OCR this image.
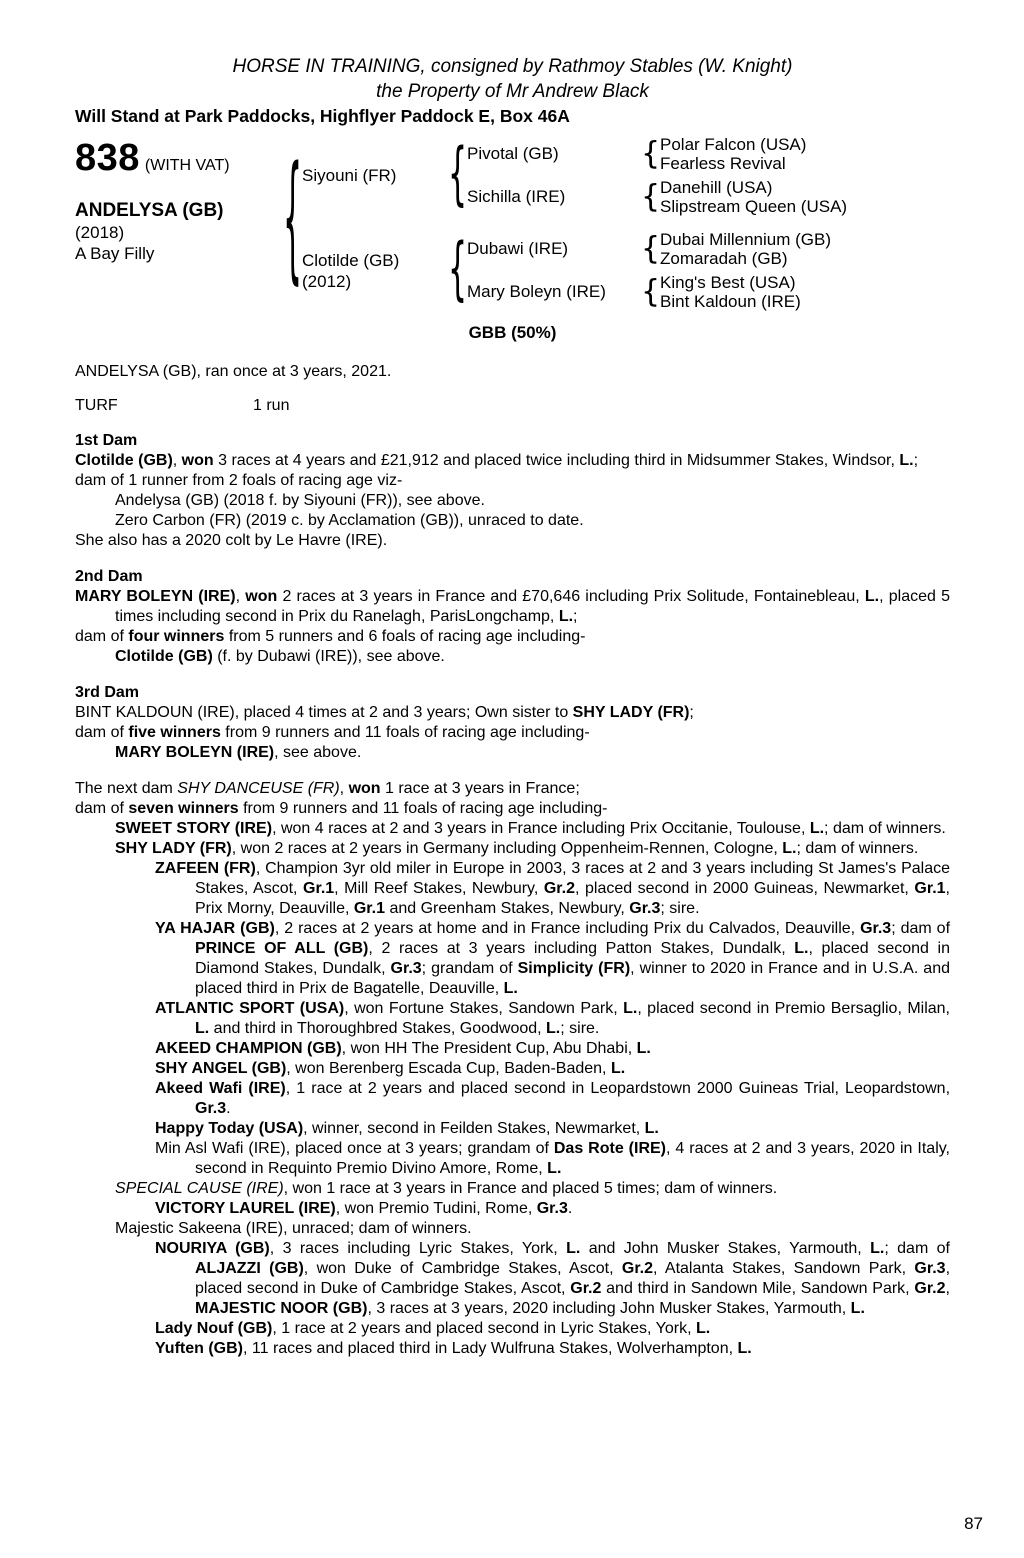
HORSE IN TRAINING, consigned by Rathmoy Stables (W. Knight)
the Property of Mr Andrew Black
Will Stand at Park Paddocks, Highflyer Paddock E, Box 46A
838 (WITH VAT)
ANDELYSA (GB)
(2018)
A Bay Filly	{ Siyouni (FR)	{ Pivotal (GB)	{ Polar Falcon (USA)
Fearless Revival
Sichilla (IRE)	{ Danehill (USA)
Slipstream Queen (USA)
Clotilde (GB)
(2012)	{ Dubawi (IRE)	{ Dubai Millennium (GB)
Zomaradah (GB)
Mary Boleyn (IRE)	{ King's Best (USA)
Bint Kaldoun (IRE)
GBB (50%)
ANDELYSA (GB), ran once at 3 years, 2021.
TURF	1 run
1st Dam
Clotilde (GB), won 3 races at 4 years and £21,912 and placed twice including third in Midsummer Stakes, Windsor, L.;
dam of 1 runner from 2 foals of racing age viz-
Andelysa (GB) (2018 f. by Siyouni (FR)), see above.
Zero Carbon (FR) (2019 c. by Acclamation (GB)), unraced to date.
She also has a 2020 colt by Le Havre (IRE).
2nd Dam
MARY BOLEYN (IRE), won 2 races at 3 years in France and £70,646 including Prix Solitude, Fontainebleau, L., placed 5 times including second in Prix du Ranelagh, ParisLongchamp, L.;
dam of four winners from 5 runners and 6 foals of racing age including-
Clotilde (GB) (f. by Dubawi (IRE)), see above.
3rd Dam
BINT KALDOUN (IRE), placed 4 times at 2 and 3 years; Own sister to SHY LADY (FR);
dam of five winners from 9 runners and 11 foals of racing age including-
MARY BOLEYN (IRE), see above.
The next dam SHY DANCEUSE (FR), won 1 race at 3 years in France;
dam of seven winners from 9 runners and 11 foals of racing age including-
SWEET STORY (IRE), won 4 races at 2 and 3 years in France including Prix Occitanie, Toulouse, L.; dam of winners.
SHY LADY (FR), won 2 races at 2 years in Germany including Oppenheim-Rennen, Cologne, L.; dam of winners.
ZAFEEN (FR), Champion 3yr old miler in Europe in 2003, 3 races at 2 and 3 years including St James's Palace Stakes, Ascot, Gr.1, Mill Reef Stakes, Newbury, Gr.2, placed second in 2000 Guineas, Newmarket, Gr.1, Prix Morny, Deauville, Gr.1 and Greenham Stakes, Newbury, Gr.3; sire.
YA HAJAR (GB), 2 races at 2 years at home and in France including Prix du Calvados, Deauville, Gr.3; dam of PRINCE OF ALL (GB), 2 races at 3 years including Patton Stakes, Dundalk, L., placed second in Diamond Stakes, Dundalk, Gr.3; grandam of Simplicity (FR), winner to 2020 in France and in U.S.A. and placed third in Prix de Bagatelle, Deauville, L.
ATLANTIC SPORT (USA), won Fortune Stakes, Sandown Park, L., placed second in Premio Bersaglio, Milan, L. and third in Thoroughbred Stakes, Goodwood, L.; sire.
AKEED CHAMPION (GB), won HH The President Cup, Abu Dhabi, L.
SHY ANGEL (GB), won Berenberg Escada Cup, Baden-Baden, L.
Akeed Wafi (IRE), 1 race at 2 years and placed second in Leopardstown 2000 Guineas Trial, Leopardstown, Gr.3.
Happy Today (USA), winner, second in Feilden Stakes, Newmarket, L.
Min Asl Wafi (IRE), placed once at 3 years; grandam of Das Rote (IRE), 4 races at 2 and 3 years, 2020 in Italy, second in Requinto Premio Divino Amore, Rome, L.
SPECIAL CAUSE (IRE), won 1 race at 3 years in France and placed 5 times; dam of winners.
VICTORY LAUREL (IRE), won Premio Tudini, Rome, Gr.3.
Majestic Sakeena (IRE), unraced; dam of winners.
NOURIYA (GB), 3 races including Lyric Stakes, York, L. and John Musker Stakes, Yarmouth, L.; dam of ALJAZZI (GB), won Duke of Cambridge Stakes, Ascot, Gr.2, Atalanta Stakes, Sandown Park, Gr.3, placed second in Duke of Cambridge Stakes, Ascot, Gr.2 and third in Sandown Mile, Sandown Park, Gr.2, MAJESTIC NOOR (GB), 3 races at 3 years, 2020 including John Musker Stakes, Yarmouth, L.
Lady Nouf (GB), 1 race at 2 years and placed second in Lyric Stakes, York, L.
Yuften (GB), 11 races and placed third in Lady Wulfruna Stakes, Wolverhampton, L.
87
